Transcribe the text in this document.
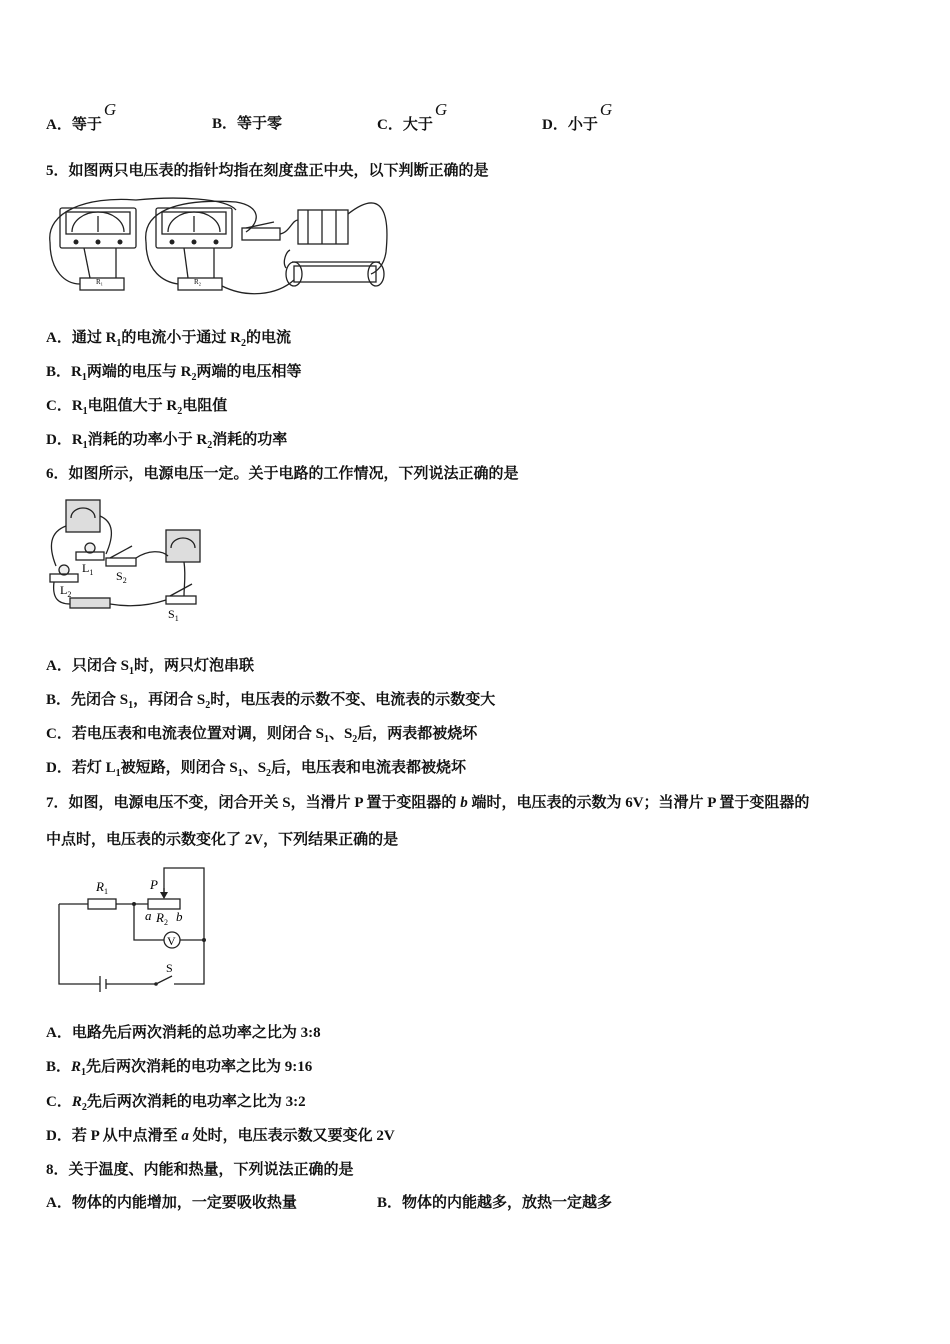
A．等于G
B．等于零	C．大于G
D．小于G
5．如图两只电压表的指针均指在刻度盘正中央，以下判断正确的是
R₁	R₂
A．通过 $R_1$的电流小于通过 $R_2$的电流
B．$R_1$两端的电压与 $R_2$两端的电压相等
C．$R_1$电阻值大于 $R_2$电阻值
D．$R_1$消耗的功率小于 $R_2$消耗的功率
6．如图所示，电源电压一定。关于电路的工作情况，下列说法正确的是
$L_1$ $S_2$
$L_2$
$S_1$
A．只闭合 $S_1$时，两只灯泡串联
B．先闭合 $S_1$，再闭合 $S_2$时，电压表的示数不变、电流表的示数变大
C．若电压表和电流表位置对调，则闭合 $S_1$、$S_2$后，两表都被烧坏
D．若灯 $L_1$被短路，则闭合 $S_1$、$S_2$后，电压表和电流表都被烧坏
7．如图，电源电压不变，闭合开关 S，当滑片 P 置于变阻器的 b 端时，电压表的示数为 6V；当滑片 P 置于变阻器的
中点时，电压表的示数变化了 2V，下列结果正确的是
$R_1$	P
a $R_2$ b
V
S
A．电路先后两次消耗的总功率之比为 3:8
B．$R_1$先后两次消耗的电功率之比为 9:16
C．$R_2$先后两次消耗的电功率之比为 3:2
D．若 P 从中点滑至 a 处时，电压表示数又要变化 2V
8．关于温度、内能和热量，下列说法正确的是
A．物体的内能增加，一定要吸收热量	B．物体的内能越多，放热一定越多
